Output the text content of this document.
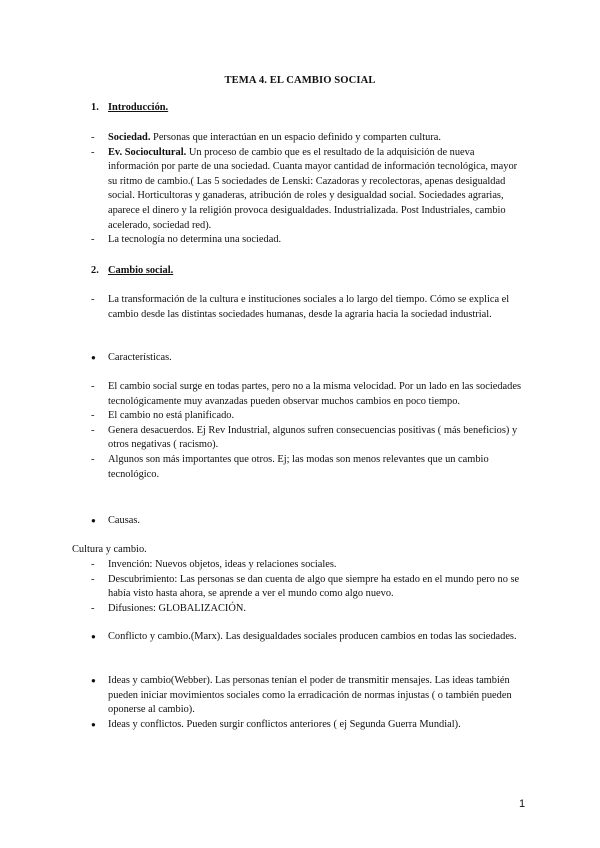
TEMA 4. EL CAMBIO SOCIAL
1. Introducción.
- Sociedad. Personas que interactúan en un espacio definido y comparten cultura.
- Ev. Sociocultural. Un proceso de cambio que es el resultado de la adquisición de nueva información por parte de una sociedad. Cuanta mayor cantidad de información tecnológica, mayor su ritmo de cambio.( Las 5 sociedades de Lenski: Cazadoras y recolectoras, apenas desigualdad social. Horticultoras y ganaderas, atribución de roles y desigualdad social. Sociedades agrarias, aparece el dinero y la religión provoca desigualdades. Industrializada. Post Industriales, cambio acelerado, sociedad red).
- La tecnología no determina una sociedad.
2. Cambio social.
- La transformación de la cultura e instituciones sociales a lo largo del tiempo. Cómo se explica el cambio desde las distintas sociedades humanas, desde la agraria hacia la sociedad industrial.
● Características.
- El cambio social surge en todas partes, pero no a la misma velocidad. Por un lado en las sociedades tecnológicamente muy avanzadas pueden observar muchos cambios en poco tiempo.
- El cambio no está planificado.
- Genera desacuerdos. Ej Rev Industrial, algunos sufren consecuencias positivas ( más beneficios) y otros negativas ( racismo).
- Algunos son más importantes que otros. Ej; las modas son menos relevantes que un cambio tecnológico.
● Causas.
Cultura y cambio.
- Invención: Nuevos objetos, ideas y relaciones sociales.
- Descubrimiento: Las personas se dan cuenta de algo que siempre ha estado en el mundo pero no se había visto hasta ahora, se aprende a ver el mundo como algo nuevo.
- Difusiones: GLOBALIZACIÓN.
● Conflicto y cambio.(Marx). Las desigualdades sociales producen cambios en todas las sociedades.
● Ideas y cambio(Webber). Las personas tenían el poder de transmitir mensajes. Las ideas también pueden iniciar movimientos sociales como la erradicación de normas injustas ( o también pueden oponerse al cambio).
● Ideas y conflictos. Pueden surgir conflictos anteriores ( ej Segunda Guerra Mundial).
1
